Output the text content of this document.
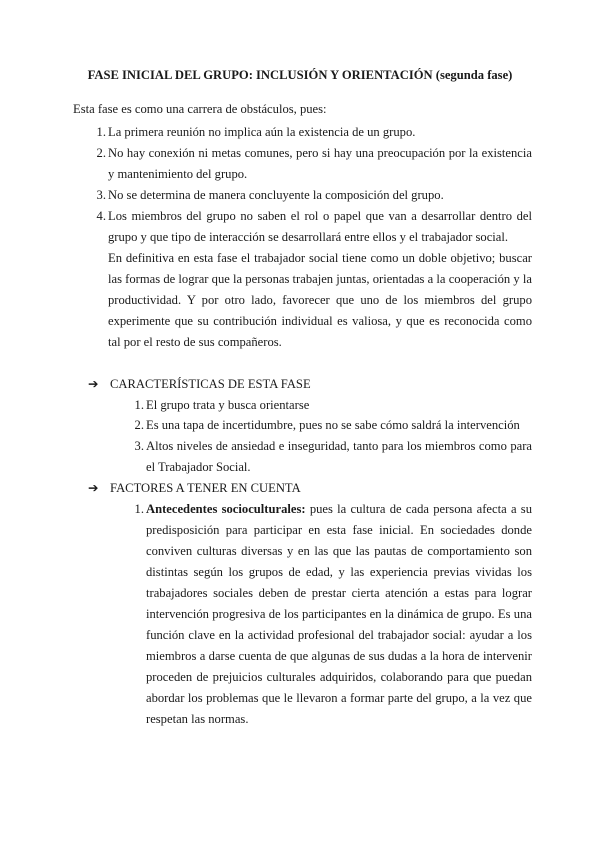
FASE INICIAL DEL GRUPO: INCLUSIÓN Y ORIENTACIÓN (segunda fase)
Esta fase es como una carrera de obstáculos, pues:
1. La primera reunión no implica aún la existencia de un grupo.
2. No hay conexión ni metas comunes, pero si hay una preocupación por la existencia y mantenimiento del grupo.
3. No se determina de manera concluyente la composición del grupo.
4. Los miembros del grupo no saben el rol o papel que van a desarrollar dentro del grupo y que tipo de interacción se desarrollará entre ellos y el trabajador social.
En definitiva en esta fase el trabajador social tiene como un doble objetivo; buscar las formas de lograr que la personas trabajen juntas, orientadas a la cooperación y la productividad. Y por otro lado, favorecer que uno de los miembros del grupo experimente que su contribución individual es valiosa, y que es reconocida como tal por el resto de sus compañeros.
➔ CARACTERÍSTICAS DE ESTA FASE
1. El grupo trata y busca orientarse
2. Es una tapa de incertidumbre, pues no se sabe cómo saldrá la intervención
3. Altos niveles de ansiedad e inseguridad, tanto para los miembros como para el Trabajador Social.
➔ FACTORES A TENER EN CUENTA
1. Antecedentes socioculturales: pues la cultura de cada persona afecta a su predisposición para participar en esta fase inicial. En sociedades donde conviven culturas diversas y en las que las pautas de comportamiento son distintas según los grupos de edad, y las experiencia previas vividas los trabajadores sociales deben de prestar cierta atención a estas para lograr intervención progresiva de los participantes en la dinámica de grupo. Es una función clave en la actividad profesional del trabajador social: ayudar a los miembros a darse cuenta de que algunas de sus dudas a la hora de intervenir proceden de prejuicios culturales adquiridos, colaborando para que puedan abordar los problemas que le llevaron a formar parte del grupo, a la vez que respetan las normas.
